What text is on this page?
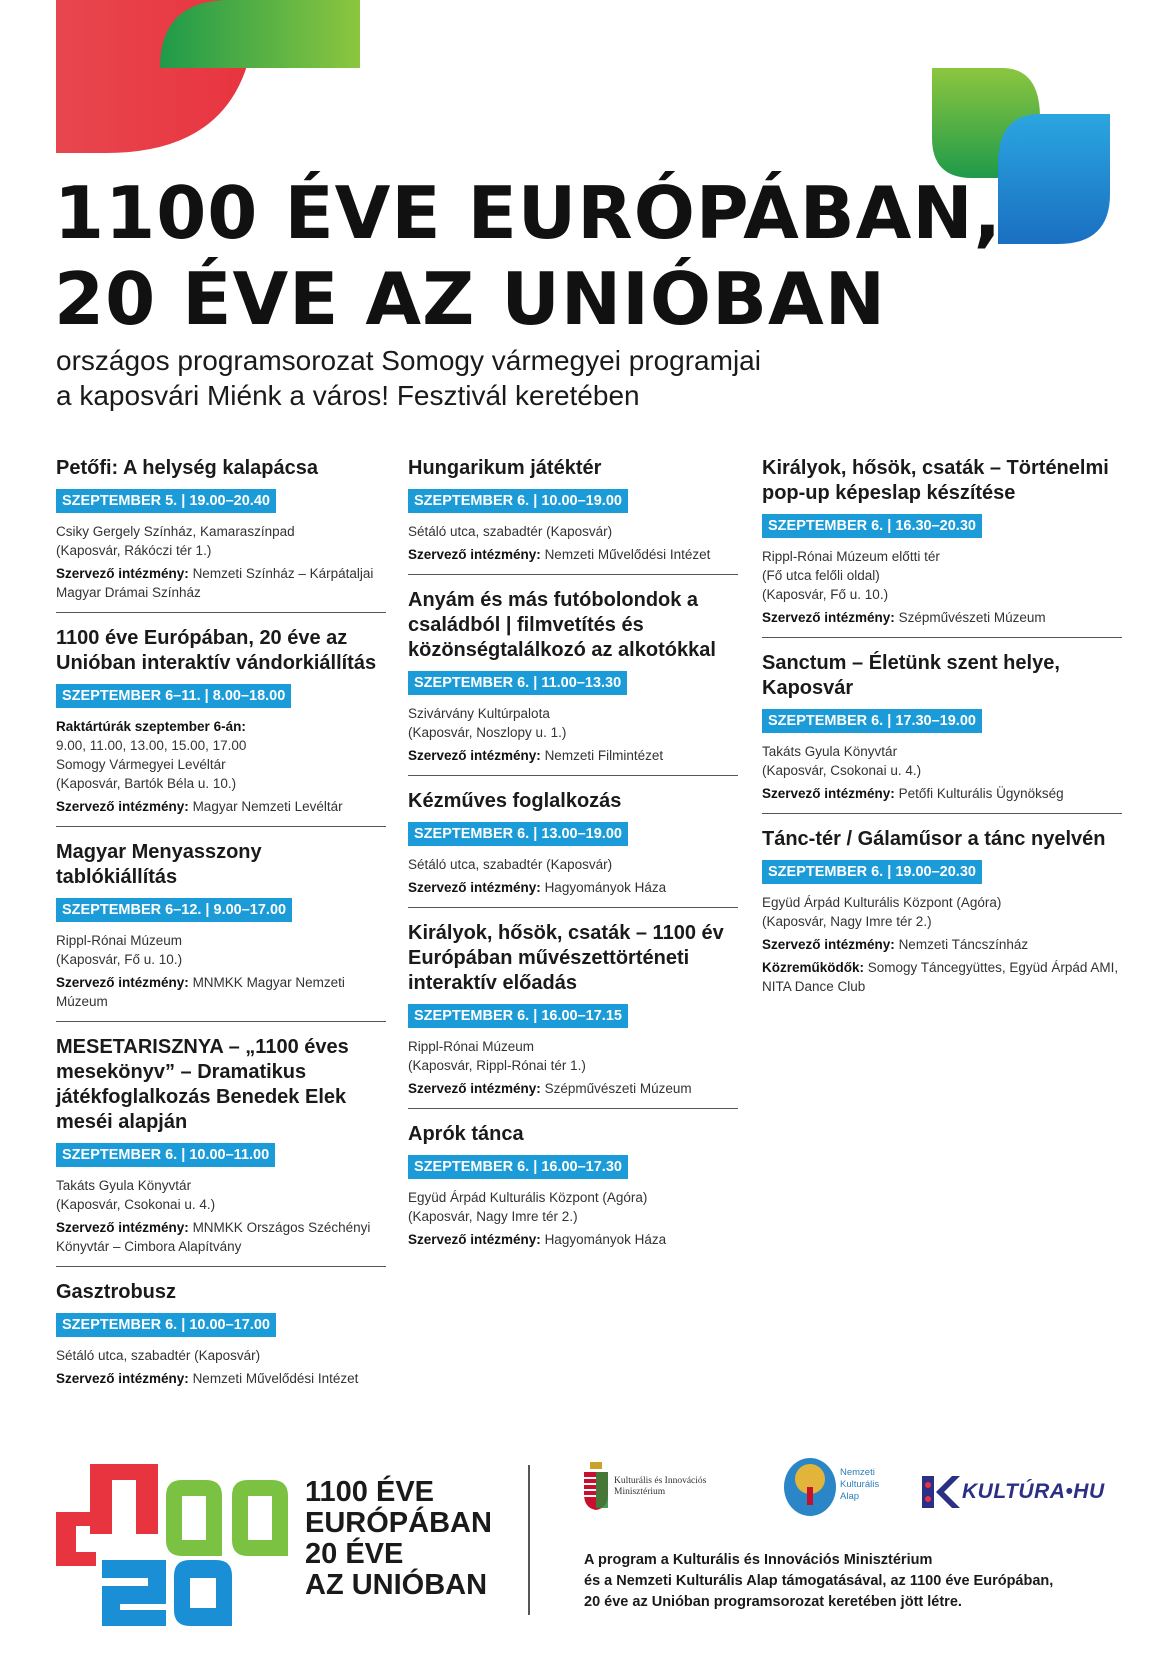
1100 ÉVE EURÓPÁBAN,
20 ÉVE AZ UNIÓBAN
országos programsorozat Somogy vármegyei programjai
a kaposvári Miénk a város! Fesztivál keretében
Petőfi: A helység kalapácsa
SZEPTEMBER 5. | 19.00–20.40
Csiky Gergely Színház, Kamaraszínpad
(Kaposvár, Rákóczi tér 1.)
Szervező intézmény: Nemzeti Színház – Kárpátaljai Magyar Drámai Színház
1100 éve Európában, 20 éve az Unióban interaktív vándorkiállítás
SZEPTEMBER 6–11. | 8.00–18.00
Raktártúrák szeptember 6-án:
9.00, 11.00, 13.00, 15.00, 17.00
Somogy Vármegyei Levéltár
(Kaposvár, Bartók Béla u. 10.)
Szervező intézmény: Magyar Nemzeti Levéltár
Magyar Menyasszony tablókiállítás
SZEPTEMBER 6–12. | 9.00–17.00
Rippl-Rónai Múzeum
(Kaposvár, Fő u. 10.)
Szervező intézmény: MNMKK Magyar Nemzeti Múzeum
MESETARISZNYA – „1100 éves mesekönyv” – Dramatikus játékfoglalkozás Benedek Elek meséi alapján
SZEPTEMBER 6. | 10.00–11.00
Takáts Gyula Könyvtár
(Kaposvár, Csokonai u. 4.)
Szervező intézmény: MNMKK Országos Széchényi Könyvtár – Cimbora Alapítvány
Gasztrobusz
SZEPTEMBER 6. | 10.00–17.00
Sétáló utca, szabadtér (Kaposvár)
Szervező intézmény: Nemzeti Művelődési Intézet
Hungarikum játéktér
SZEPTEMBER 6. | 10.00–19.00
Sétáló utca, szabadtér (Kaposvár)
Szervező intézmény: Nemzeti Művelődési Intézet
Anyám és más futóbolondok a családból | filmvetítés és közönségtalálkozó az alkotókkal
SZEPTEMBER 6. | 11.00–13.30
Szivárvány Kultúrpalota
(Kaposvár, Noszlopy u. 1.)
Szervező intézmény: Nemzeti Filmintézet
Kézműves foglalkozás
SZEPTEMBER 6. | 13.00–19.00
Sétáló utca, szabadtér (Kaposvár)
Szervező intézmény: Hagyományok Háza
Királyok, hősök, csaták – 1100 év Európában művészettörténeti interaktív előadás
SZEPTEMBER 6. | 16.00–17.15
Rippl-Rónai Múzeum
(Kaposvár, Rippl-Rónai tér 1.)
Szervező intézmény: Szépművészeti Múzeum
Aprók tánca
SZEPTEMBER 6. | 16.00–17.30
Együd Árpád Kulturális Központ (Agóra)
(Kaposvár, Nagy Imre tér 2.)
Szervező intézmény: Hagyományok Háza
Királyok, hősök, csaták – Történelmi pop-up képeslap készítése
SZEPTEMBER 6. | 16.30–20.30
Rippl-Rónai Múzeum előtti tér
(Fő utca felőli oldal)
(Kaposvár, Fő u. 10.)
Szervező intézmény: Szépművészeti Múzeum
Sanctum – Életünk szent helye, Kaposvár
SZEPTEMBER 6. | 17.30–19.00
Takáts Gyula Könyvtár
(Kaposvár, Csokonai u. 4.)
Szervező intézmény: Petőfi Kulturális Ügynökség
Tánc-tér / Gálaműsor a tánc nyelvén
SZEPTEMBER 6. | 19.00–20.30
Együd Árpád Kulturális Központ (Agóra)
(Kaposvár, Nagy Imre tér 2.)
Szervező intézmény: Nemzeti Táncszínház
Közreműködők: Somogy Táncegyüttes, Együd Árpád AMI, NITA Dance Club
1100 ÉVE
EURÓPÁBAN
20 ÉVE
AZ UNIÓBAN
Kulturális és Innovációs
Minisztérium
Nemzeti
Kulturális
Alap	KULTÚRA•HU
A program a Kulturális és Innovációs Minisztérium
és a Nemzeti Kulturális Alap támogatásával, az 1100 éve Európában,
20 éve az Unióban programsorozat keretében jött létre.
